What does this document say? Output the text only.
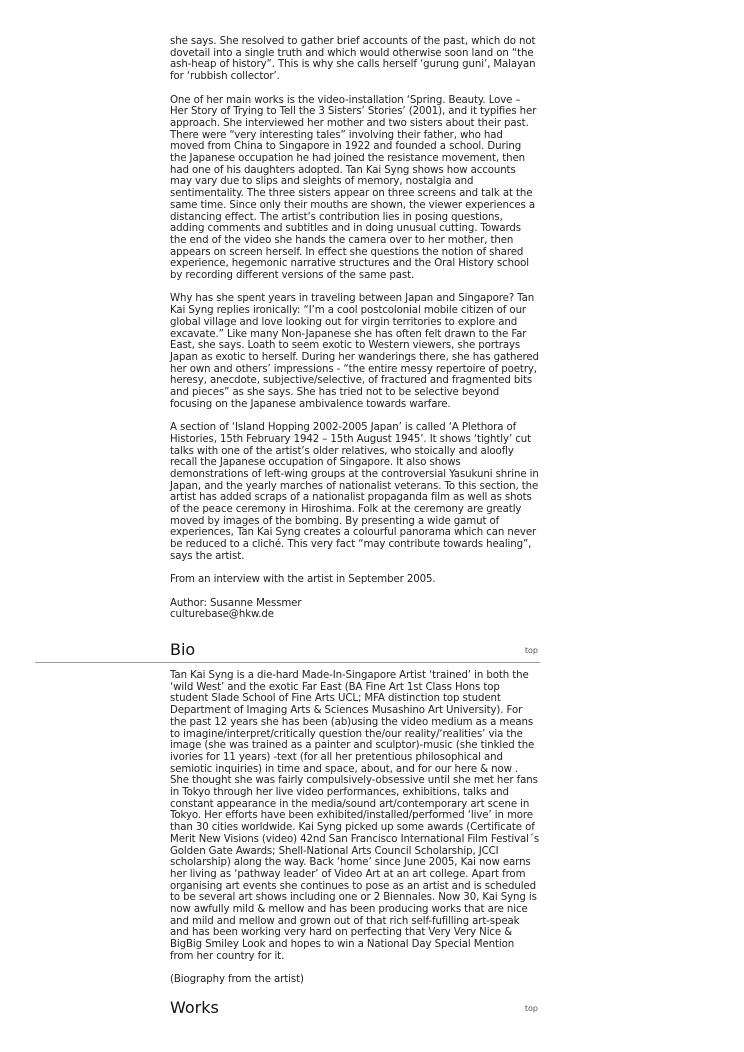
she says. She resolved to gather brief accounts of the past, which do not dovetail into a single truth and which would otherwise soon land on “the ash-heap of history”. This is why she calls herself ‘gurung guni’, Malayan for ‘rubbish collector’.

One of her main works is the video-installation ‘Spring. Beauty. Love – Her Story of Trying to Tell the 3 Sisters’ Stories’ (2001), and it typifies her approach. She interviewed her mother and two sisters about their past. There were “very interesting tales” involving their father, who had moved from China to Singapore in 1922 and founded a school. During the Japanese occupation he had joined the resistance movement, then had one of his daughters adopted. Tan Kai Syng shows how accounts may vary due to slips and sleights of memory, nostalgia and sentimentality. The three sisters appear on three screens and talk at the same time. Since only their mouths are shown, the viewer experiences a distancing effect. The artist’s contribution lies in posing questions, adding comments and subtitles and in doing unusual cutting. Towards the end of the video she hands the camera over to her mother, then appears on screen herself. In effect she questions the notion of shared experience, hegemonic narrative structures and the Oral History school by recording different versions of the same past.

Why has she spent years in traveling between Japan and Singapore? Tan Kai Syng replies ironically: “I’m a cool postcolonial mobile citizen of our global village and love looking out for virgin territories to explore and excavate.” Like many Non-Japanese she has often felt drawn to the Far East, she says. Loath to seem exotic to Western viewers, she portrays Japan as exotic to herself. During her wanderings there, she has gathered her own and others’ impressions - “the entire messy repertoire of poetry, heresy, anecdote, subjective/selective, of fractured and fragmented bits and pieces” as she says. She has tried not to be selective beyond focusing on the Japanese ambivalence towards warfare.

A section of ‘Island Hopping 2002-2005 Japan’ is called ‘A Plethora of Histories, 15th February 1942 – 15th August 1945’. It shows ‘tightly’ cut talks with one of the artist’s older relatives, who stoically and aloofly recall the Japanese occupation of Singapore. It also shows demonstrations of left-wing groups at the controversial Yasukuni shrine in Japan, and the yearly marches of nationalist veterans. To this section, the artist has added scraps of a nationalist propaganda film as well as shots of the peace ceremony in Hiroshima. Folk at the ceremony are greatly moved by images of the bombing. By presenting a wide gamut of experiences, Tan Kai Syng creates a colourful panorama which can never be reduced to a cliché. This very fact “may contribute towards healing”, says the artist.

From an interview with the artist in September 2005.

Author: Susanne Messmer

culturebase@hkw.de

Bio	top

Tan Kai Syng is a die-hard Made-In-Singapore Artist ‘trained’ in both the ‘wild West’ and the exotic Far East (BA Fine Art 1st Class Hons top student Slade School of Fine Arts UCL; MFA distinction top student Department of Imaging Arts & Sciences Musashino Art University). For the past 12 years she has been (ab)using the video medium as a means to imagine/interpret/critically question the/our reality/‘realities’ via the image (she was trained as a painter and sculptor)-music (she tinkled the ivories for 11 years) -text (for all her pretentious philosophical and semiotic inquiries) in time and space, about, and for our here & now . She thought she was fairly compulsively-obsessive until she met her fans in Tokyo through her live video performances, exhibitions, talks and constant appearance in the media/sound art/contemporary art scene in Tokyo. Her efforts have been exhibited/installed/performed ‘live’ in more than 30 cities worldwide. Kai Syng picked up some awards (Certificate of Merit New Visions (video) 42nd San Francisco International Film Festival´s Golden Gate Awards; Shell-National Arts Council Scholarship, JCCI scholarship) along the way. Back ‘home’ since June 2005, Kai now earns her living as ‘pathway leader’ of Video Art at an art college. Apart from organising art events she continues to pose as an artist and is scheduled to be several art shows including one or 2 Biennales. Now 30, Kai Syng is now awfully mild & mellow and has been producing works that are nice and mild and mellow and grown out of that rich self-fufilling art-speak and has been working very hard on perfecting that Very Very Nice & BigBig Smiley Look and hopes to win a National Day Special Mention from her country for it.

(Biography from the artist)

Works	top
